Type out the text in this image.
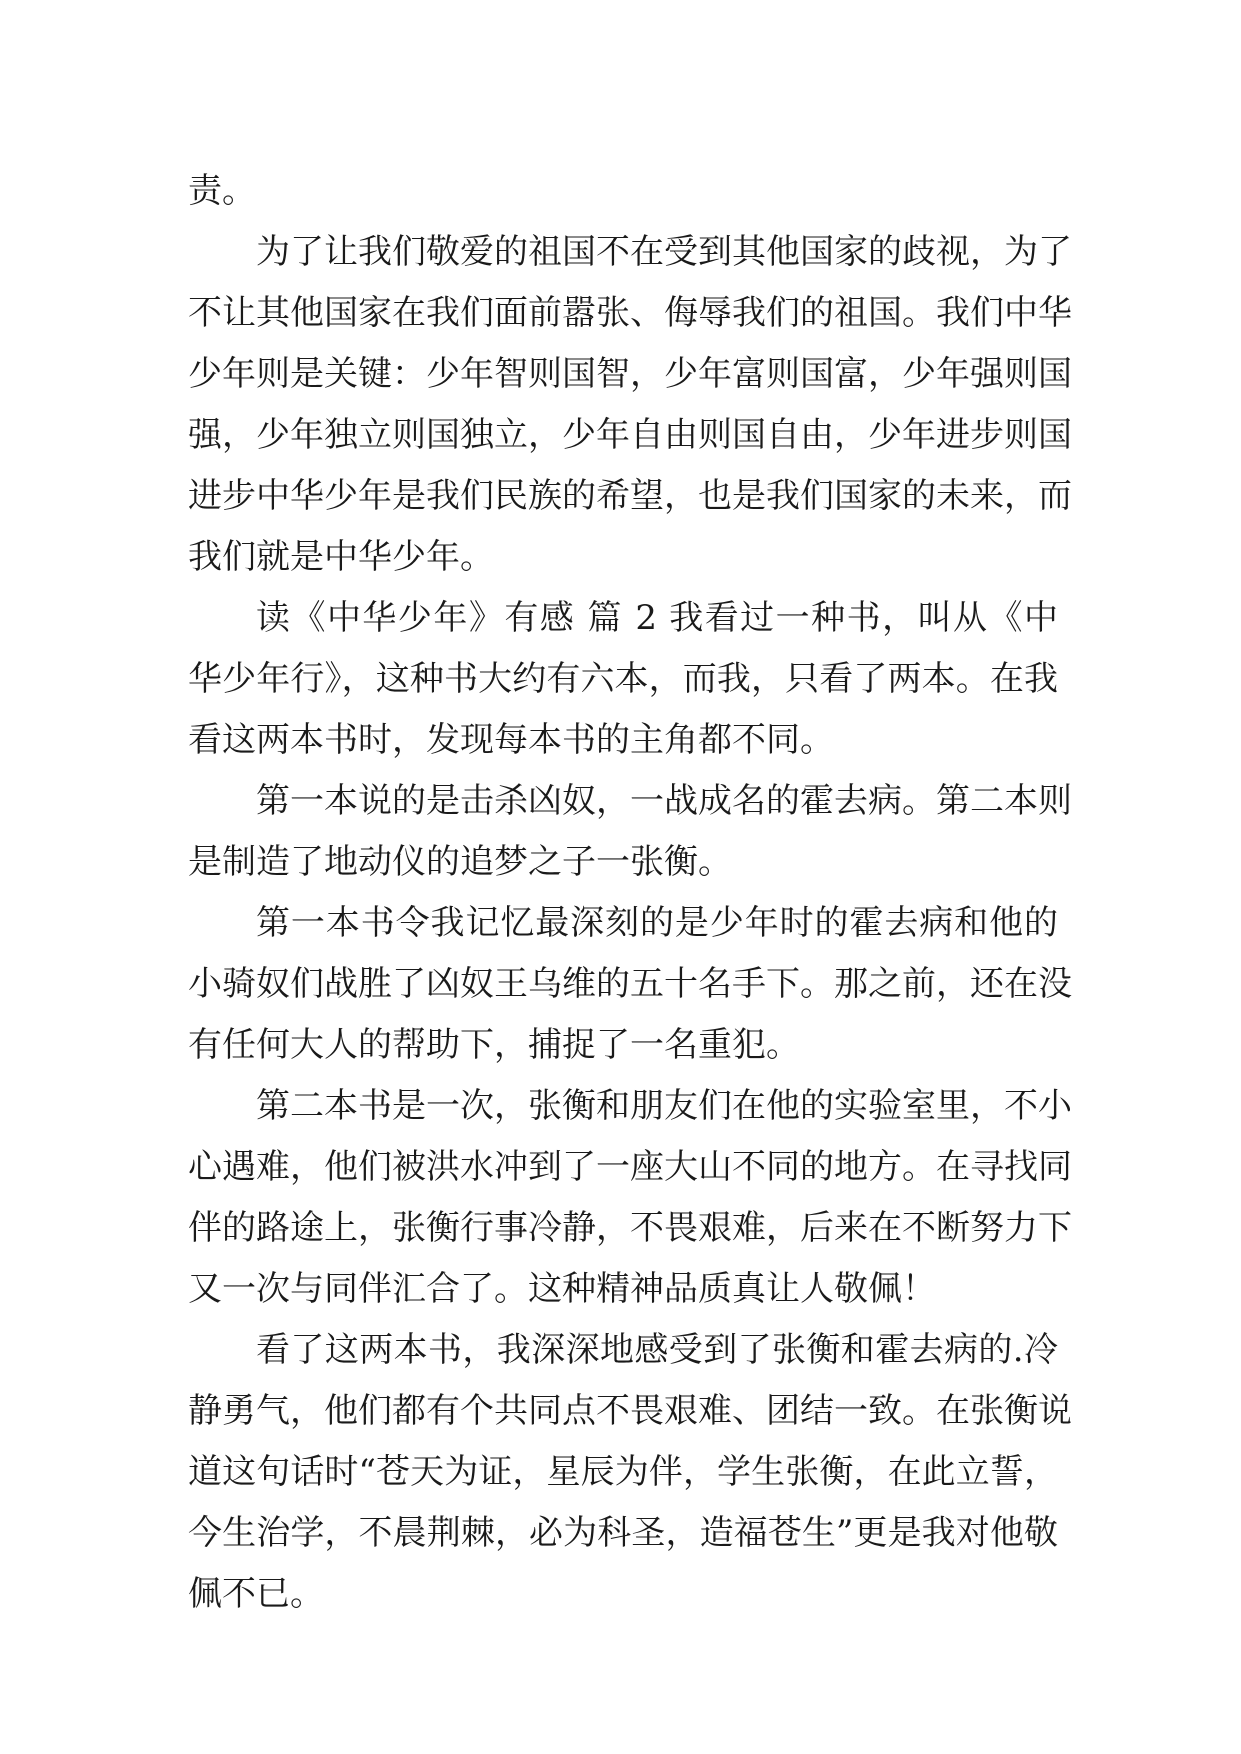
责。
为了让我们敬爱的祖国不在受到其他国家的歧视，为了
不让其他国家在我们面前嚣张、侮辱我们的祖国。我们中华
少年则是关键：少年智则国智，少年富则国富，少年强则国
强，少年独立则国独立，少年自由则国自由，少年进步则国
进步中华少年是我们民族的希望，也是我们国家的未来，而
我们就是中华少年。
读《中华少年》有感 篇 2 我看过一种书，叫从《中
华少年行》，这种书大约有六本，而我，只看了两本。在我
看这两本书时，发现每本书的主角都不同。
第一本说的是击杀凶奴，一战成名的霍去病。第二本则
是制造了地动仪的追梦之子一张衡。
第一本书令我记忆最深刻的是少年时的霍去病和他的
小骑奴们战胜了凶奴王乌维的五十名手下。那之前，还在没
有任何大人的帮助下，捕捉了一名重犯。
第二本书是一次，张衡和朋友们在他的实验室里，不小
心遇难，他们被洪水冲到了一座大山不同的地方。在寻找同
伴的路途上，张衡行事冷静，不畏艰难，后来在不断努力下
又一次与同伴汇合了。这种精神品质真让人敬佩！
看了这两本书，我深深地感受到了张衡和霍去病的.冷
静勇气，他们都有个共同点不畏艰难、团结一致。在张衡说
道这句话时“苍天为证，星辰为伴，学生张衡，在此立誓，
今生治学，不晨荆棘，必为科圣，造福苍生”更是我对他敬
佩不已。
